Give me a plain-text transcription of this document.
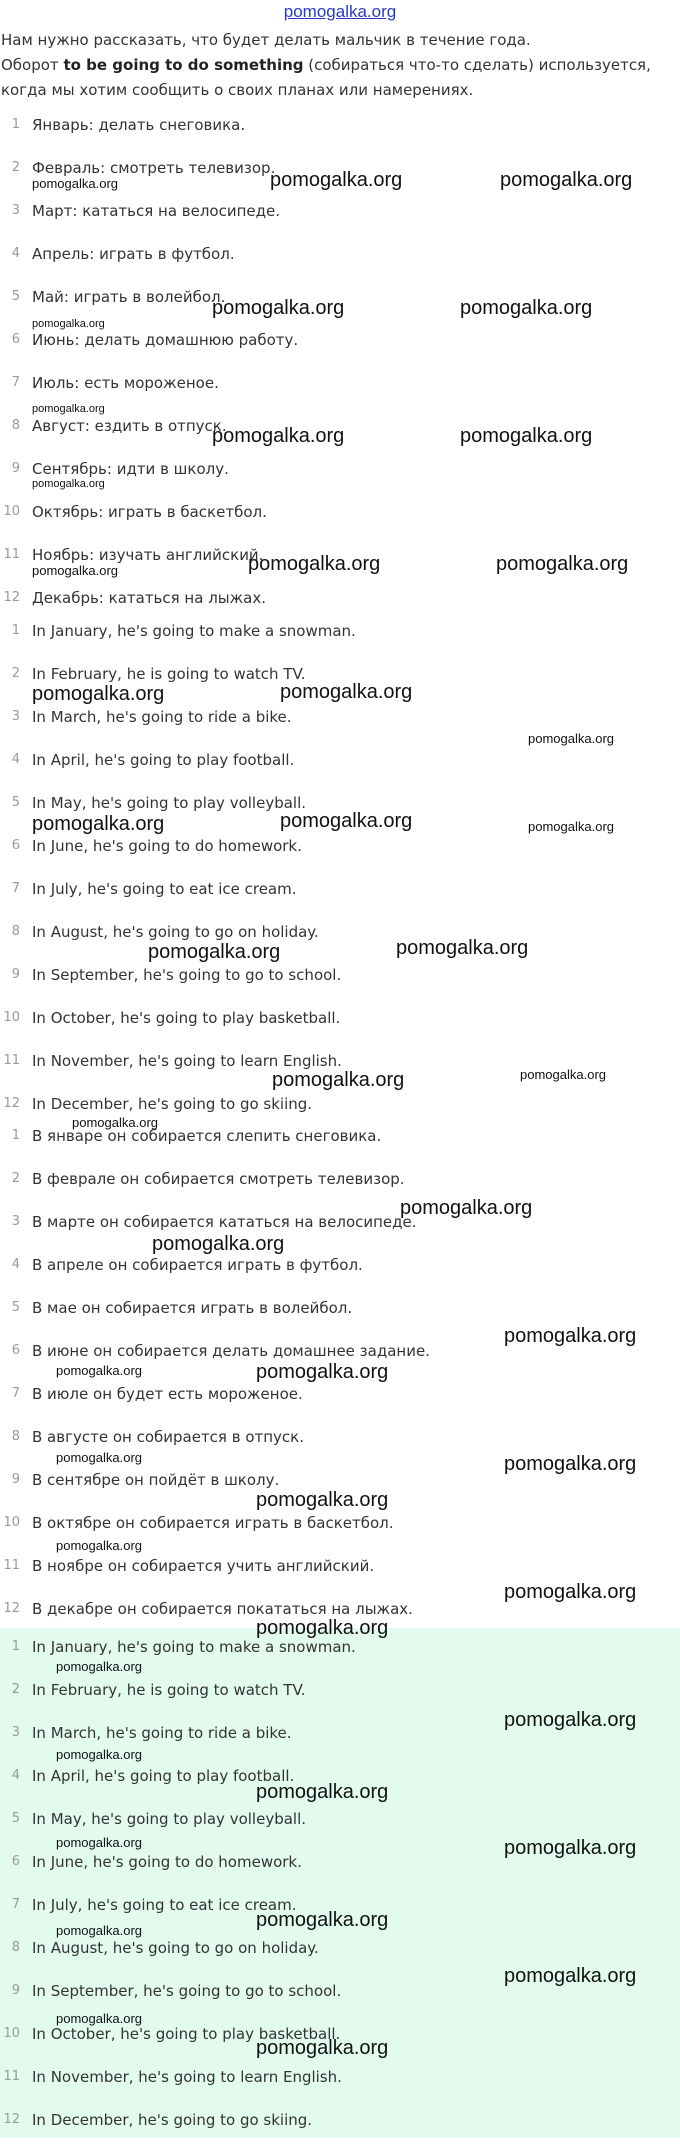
pomogalka.org

Нам нужно рассказать, что будет делать мальчик в течение года.
Оборот to be going to do something (собираться что-то сделать) используется, когда мы хотим сообщить о своих планах или намерениях.

1 Январь: делать снеговика.
2 Февраль: смотреть телевизор.
3 Март: кататься на велосипеде.
4 Апрель: играть в футбол.
5 Май: играть в волейбол.
6 Июнь: делать домашнюю работу.
7 Июль: есть мороженое.
8 Август: ездить в отпуск.
9 Сентябрь: идти в школу.
10 Октябрь: играть в баскетбол.
11 Ноябрь: изучать английский.
12 Декабрь: кататься на лыжах.
1 In January, he's going to make a snowman.
2 In February, he is going to watch TV.
3 In March, he's going to ride a bike.
4 In April, he's going to play football.
5 In May, he's going to play volleyball.
6 In June, he's going to do homework.
7 In July, he's going to eat ice cream.
8 In August, he's going to go on holiday.
9 In September, he's going to go to school.
10 In October, he's going to play basketball.
11 In November, he's going to learn English.
12 In December, he's going to go skiing.
1 В январе он собирается слепить снеговика.
2 В феврале он собирается смотреть телевизор.
3 В марте он собирается кататься на велосипеде.
4 В апреле он собирается играть в футбол.
5 В мае он собирается играть в волейбол.
6 В июне он собирается делать домашнее задание.
7 В июле он будет есть мороженое.
8 В августе он собирается в отпуск.
9 В сентябре он пойдёт в школу.
10 В октябре он собирается играть в баскетбол.
11 В ноябре он собирается учить английский.
12 В декабре он собирается покататься на лыжах.
1 In January, he's going to make a snowman.
2 In February, he is going to watch TV.
3 In March, he's going to ride a bike.
4 In April, he's going to play football.
5 In May, he's going to play volleyball.
6 In June, he's going to do homework.
7 In July, he's going to eat ice cream.
8 In August, he's going to go on holiday.
9 In September, he's going to go to school.
10 In October, he's going to play basketball.
11 In November, he's going to learn English.
12 In December, he's going to go skiing.
pomogalka.org	pomogalka.org	pomogalka.org
pomogalka.org	pomogalka.org
pomogalka.org
pomogalka.org
pomogalka.org	pomogalka.org
pomogalka.org
pomogalka.org	pomogalka.org
pomogalka.org
pomogalka.org	pomogalka.org
pomogalka.org
pomogalka.org	pomogalka.org	pomogalka.org
pomogalka.org	pomogalka.org
pomogalka.org
pomogalka.org
pomogalka.org
pomogalka.org
pomogalka.org
pomogalka.org
pomogalka.org	pomogalka.org
pomogalka.org	pomogalka.org
pomogalka.org
pomogalka.org
pomogalka.org
pomogalka.org
pomogalka.org
pomogalka.org
pomogalka.org
pomogalka.org
pomogalka.org	pomogalka.org
pomogalka.org	pomogalka.org
pomogalka.org
pomogalka.org
pomogalka.org
